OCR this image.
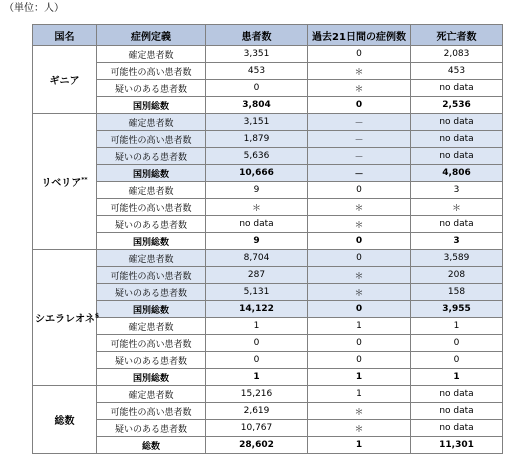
（単位：人）
国名	症例定義	患者数	過去21日間の症例数	死亡者数
ギニア	確定患者数	3,351	0	2,083
	可能性の高い患者数	453	＊	453
	疑いのある患者数	0	＊	no data
	国別総数	3,804	0	2,536
リベリア**	確定患者数	3,151	－	no data
	可能性の高い患者数	1,879	－	no data
	疑いのある患者数	5,636	－	no data
	国別総数	10,666	－	4,806
	確定患者数	9	0	3
	可能性の高い患者数	＊	＊	＊
	疑いのある患者数	no data	＊	no data
	国別総数	9	0	3
シエラレオネ$	確定患者数	8,704	0	3,589
	可能性の高い患者数	287	＊	208
	疑いのある患者数	5,131	＊	158
	国別総数	14,122	0	3,955
	確定患者数	1	1	1
	可能性の高い患者数	0	0	0
	疑いのある患者数	0	0	0
	国別総数	1	1	1
総数	確定患者数	15,216	1	no data
	可能性の高い患者数	2,619	＊	no data
	疑いのある患者数	10,767	＊	no data
	総数	28,602	1	11,301
